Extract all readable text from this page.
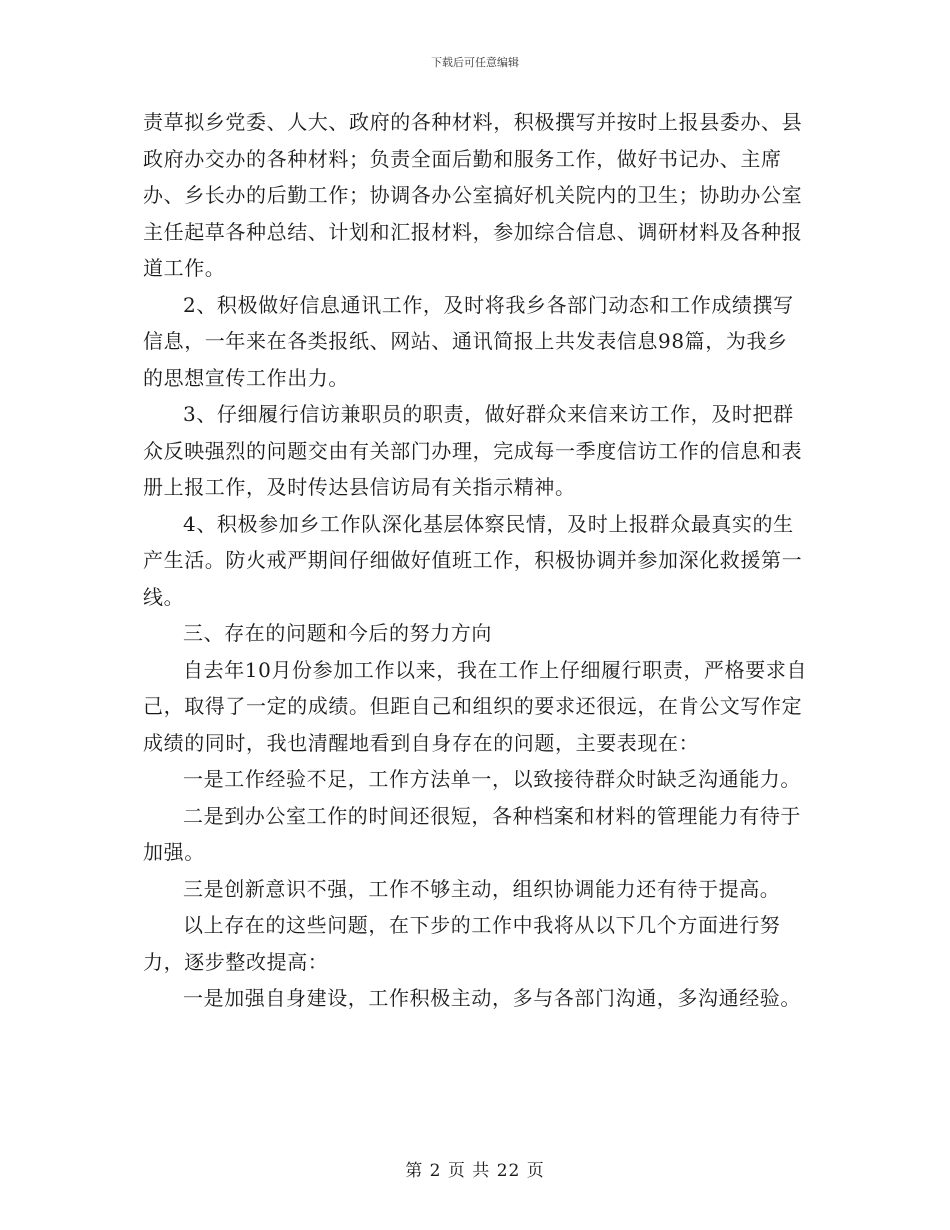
下载后可任意编辑

责草拟乡党委、人大、政府的各种材料，积极撰写并按时上报县委办、县政府办交办的各种材料；负责全面后勤和服务工作，做好书记办、主席办、乡长办的后勤工作；协调各办公室搞好机关院内的卫生；协助办公室主任起草各种总结、计划和汇报材料，参加综合信息、调研材料及各种报道工作。

2、积极做好信息通讯工作，及时将我乡各部门动态和工作成绩撰写信息，一年来在各类报纸、网站、通讯简报上共发表信息98篇，为我乡的思想宣传工作出力。

3、仔细履行信访兼职员的职责，做好群众来信来访工作，及时把群众反映强烈的问题交由有关部门办理，完成每一季度信访工作的信息和表册上报工作，及时传达县信访局有关指示精神。

4、积极参加乡工作队深化基层体察民情，及时上报群众最真实的生产生活。防火戒严期间仔细做好值班工作，积极协调并参加深化救援第一线。

三、存在的问题和今后的努力方向

自去年10月份参加工作以来，我在工作上仔细履行职责，严格要求自己，取得了一定的成绩。但距自己和组织的要求还很远，在肯公文写作定成绩的同时，我也清醒地看到自身存在的问题，主要表现在：

一是工作经验不足，工作方法单一，以致接待群众时缺乏沟通能力。

二是到办公室工作的时间还很短，各种档案和材料的管理能力有待于加强。

三是创新意识不强，工作不够主动，组织协调能力还有待于提高。

以上存在的这些问题，在下步的工作中我将从以下几个方面进行努力，逐步整改提高：

一是加强自身建设，工作积极主动，多与各部门沟通，多沟通经验。

第 2 页 共 22 页
